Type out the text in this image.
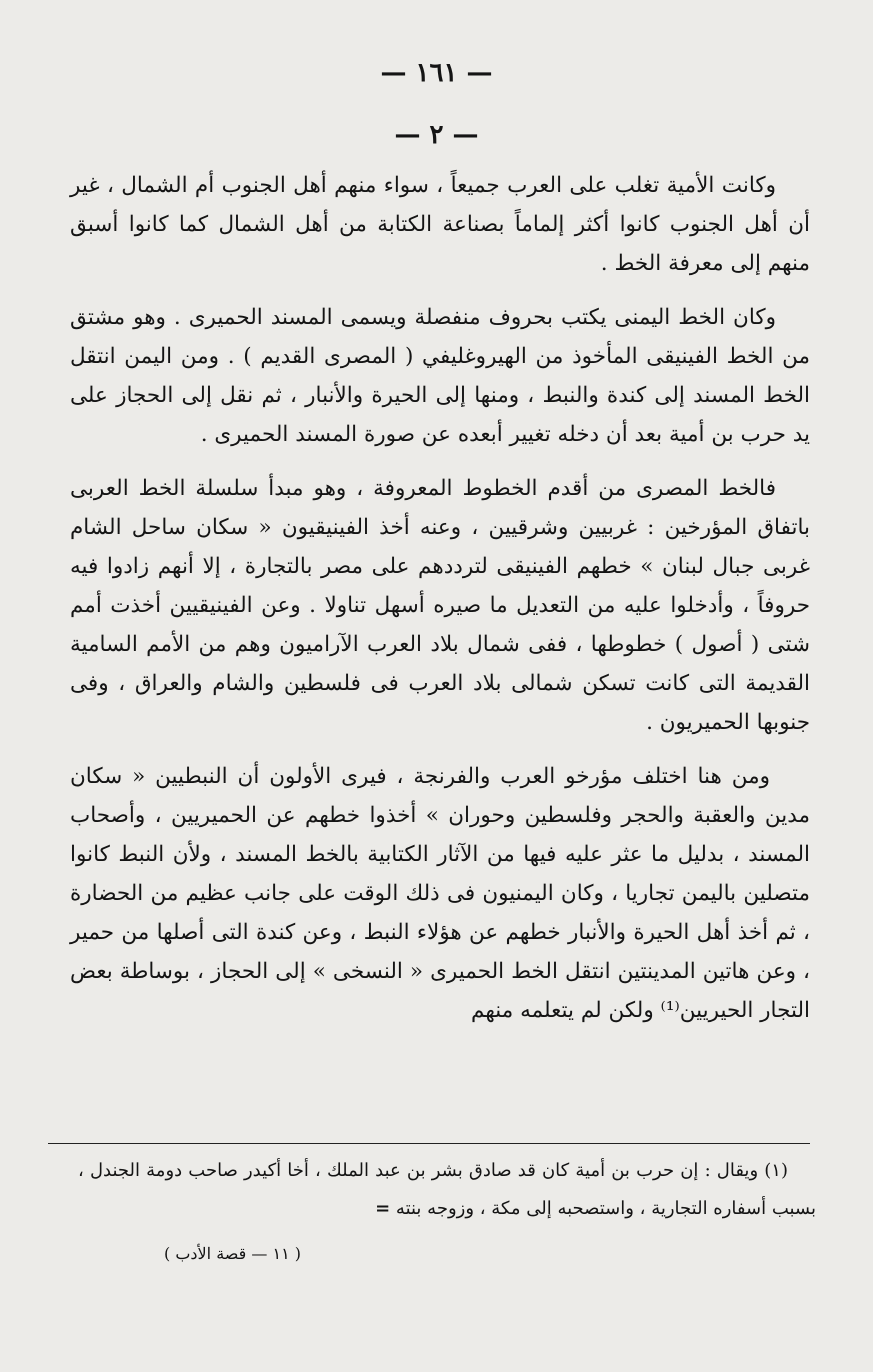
— ١٦١ —
— ٢ —

وكانت الأمية تغلب على العرب جميعاً ، سواء منهم أهل الجنوب أم الشمال ، غير أن أهل الجنوب كانوا أكثر إلماماً بصناعة الكتابة من أهل الشمال كما كانوا أسبق منهم إلى معرفة الخط .

وكان الخط اليمنى يكتب بحروف منفصلة ويسمى المسند الحميرى . وهو مشتق من الخط الفينيقى المأخوذ من الهيروغليفي ( المصرى القديم ) . ومن اليمن انتقل الخط المسند إلى كندة والنبط ، ومنها إلى الحيرة والأنبار ، ثم نقل إلى الحجاز على يد حرب بن أمية بعد أن دخله تغيير أبعده عن صورة المسند الحميرى .

فالخط المصرى من أقدم الخطوط المعروفة ، وهو مبدأ سلسلة الخط العربى باتفاق المؤرخين : غربيين وشرقيين ، وعنه أخذ الفينيقيون « سكان ساحل الشام غربى جبال لبنان » خطهم الفينيقى لترددهم على مصر بالتجارة ، إلا أنهم زادوا فيه حروفاً ، وأدخلوا عليه من التعديل ما صيره أسهل تناولا . وعن الفينيقيين أخذت أمم شتى ( أصول ) خطوطها ، ففى شمال بلاد العرب الآراميون وهم من الأمم السامية القديمة التى كانت تسكن شمالى بلاد العرب فى فلسطين والشام والعراق ، وفى جنوبها الحميريون .

ومن هنا اختلف مؤرخو العرب والفرنجة ، فيرى الأولون أن النبطيين « سكان مدين والعقبة والحجر وفلسطين وحوران » أخذوا خطهم عن الحميريين ، وأصحاب المسند ، بدليل ما عثر عليه فيها من الآثار الكتابية بالخط المسند ، ولأن النبط كانوا متصلين باليمن تجاريا ، وكان اليمنيون فى ذلك الوقت على جانب عظيم من الحضارة ، ثم أخذ أهل الحيرة والأنبار خطهم عن هؤلاء النبط ، وعن كندة التى أصلها من حمير ، وعن هاتين المدينتين انتقل الخط الحميرى « النسخى » إلى الحجاز ، بوساطة بعض التجار الحيريين⁽¹⁾ ولكن لم يتعلمه منهم

(١) ويقال : إن حرب بن أمية كان قد صادق بشر بن عبد الملك ، أخا أكيدر صاحب دومة الجندل ، بسبب أسفاره التجارية ، واستصحبه إلى مكة ، وزوجه بنته =

( ١١ — قصة الأدب )
